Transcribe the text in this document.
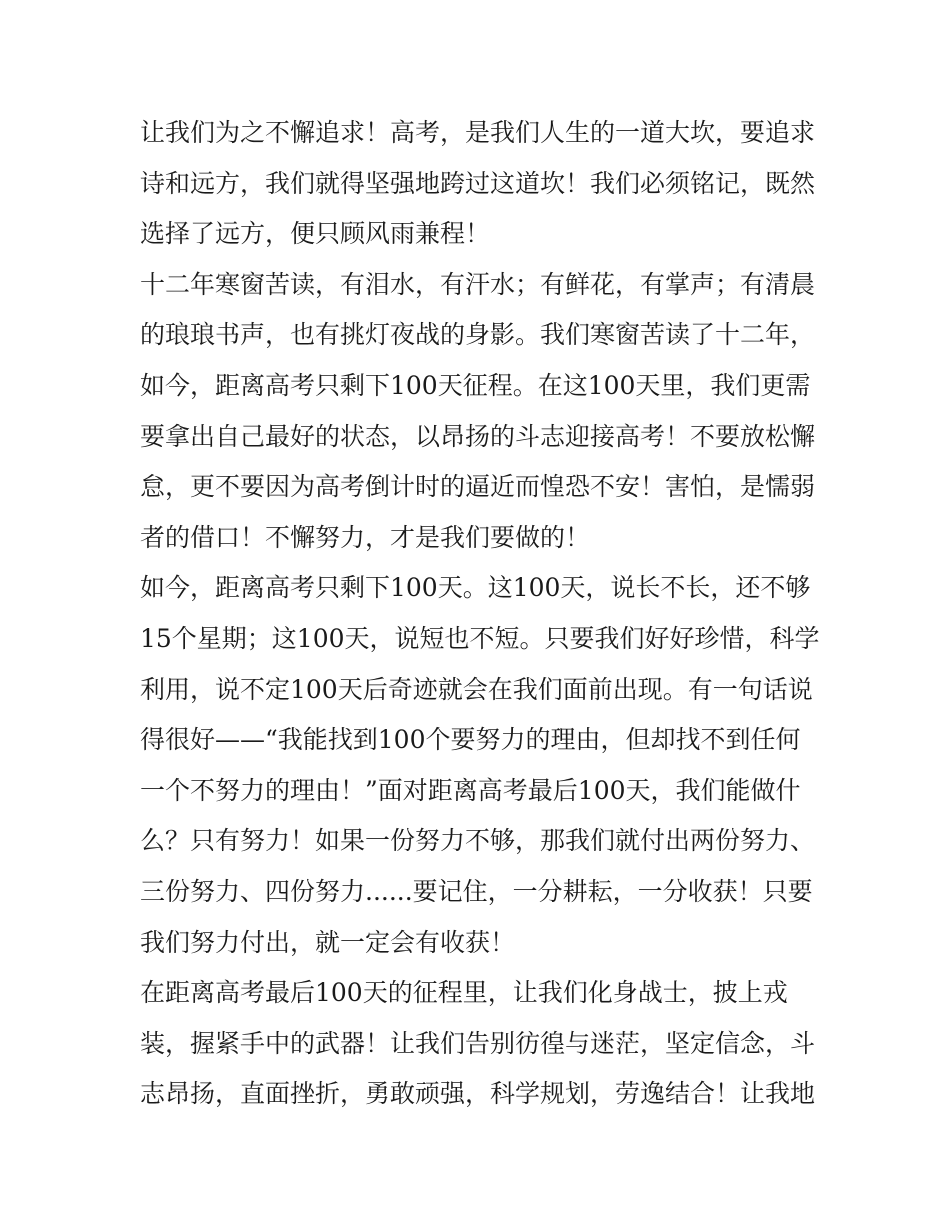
让我们为之不懈追求！高考，是我们人生的一道大坎，要追求
诗和远方，我们就得坚强地跨过这道坎！我们必须铭记，既然
选择了远方，便只顾风雨兼程！
十二年寒窗苦读，有泪水，有汗水；有鲜花，有掌声；有清晨
的琅琅书声，也有挑灯夜战的身影。我们寒窗苦读了十二年，
如今，距离高考只剩下100天征程。在这100天里，我们更需
要拿出自己最好的状态，以昂扬的斗志迎接高考！不要放松懈
怠，更不要因为高考倒计时的逼近而惶恐不安！害怕，是懦弱
者的借口！不懈努力，才是我们要做的！
如今，距离高考只剩下100天。这100天，说长不长，还不够
15个星期；这100天，说短也不短。只要我们好好珍惜，科学
利用，说不定100天后奇迹就会在我们面前出现。有一句话说
得很好——“我能找到100个要努力的理由，但却找不到任何
一个不努力的理由！”面对距离高考最后100天，我们能做什
么？只有努力！如果一份努力不够，那我们就付出两份努力、
三份努力、四份努力......要记住，一分耕耘，一分收获！只要
我们努力付出，就一定会有收获！
在距离高考最后100天的征程里，让我们化身战士，披上戎
装，握紧手中的武器！让我们告别彷徨与迷茫，坚定信念，斗
志昂扬，直面挫折，勇敢顽强，科学规划，劳逸结合！让我地
